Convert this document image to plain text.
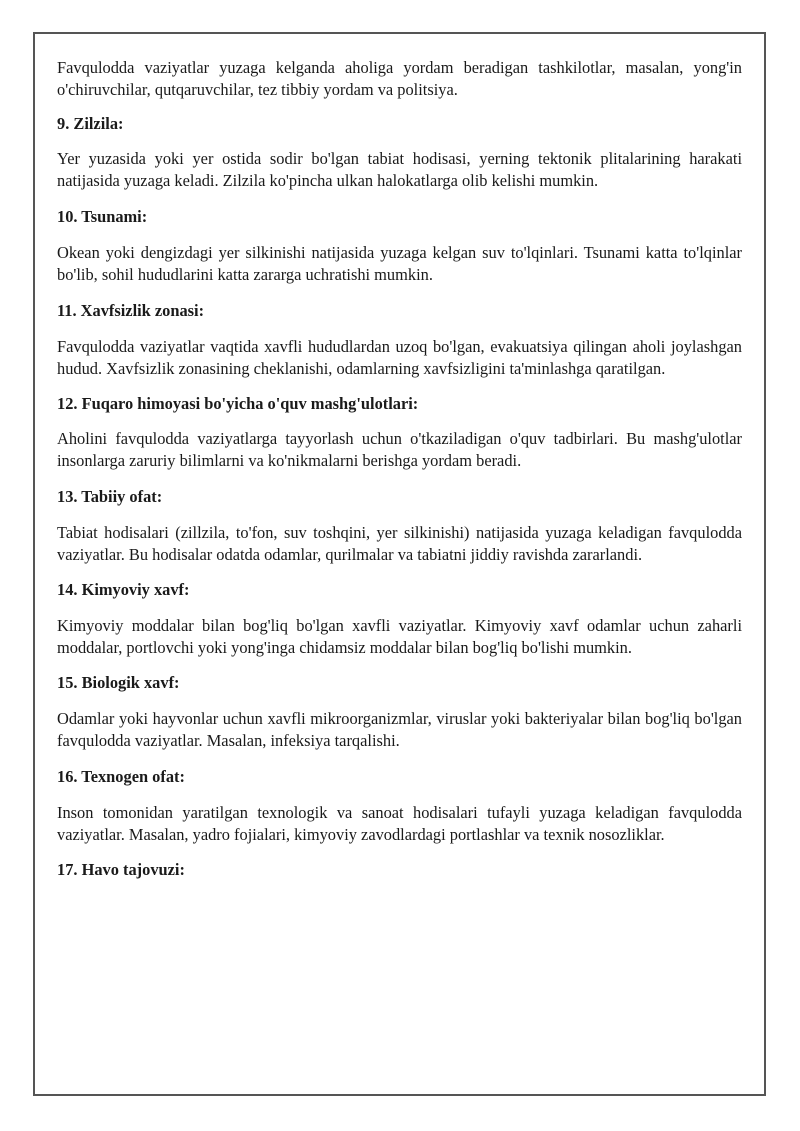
Favqulodda vaziyatlar yuzaga kelganda aholiga yordam beradigan tashkilotlar, masalan, yong'in o'chiruvchilar, qutqaruvchilar, tez tibbiy yordam va politsiya.

9. Zilzila:

Yer yuzasida yoki yer ostida sodir bo'lgan tabiat hodisasi, yerning tektonik plitalarining harakati natijasida yuzaga keladi. Zilzila ko'pincha ulkan halokatlarga olib kelishi mumkin.

10. Tsunami:

Okean yoki dengizdagi yer silkinishi natijasida yuzaga kelgan suv to'lqinlari. Tsunami katta to'lqinlar bo'lib, sohil hududlarini katta zararga uchratishi mumkin.

11. Xavfsizlik zonasi:

Favqulodda vaziyatlar vaqtida xavfli hududlardan uzoq bo'lgan, evakuatsiya qilingan aholi joylashgan hudud. Xavfsizlik zonasining cheklanishi, odamlarning xavfsizligini ta'minlashga qaratilgan.

12. Fuqaro himoyasi bo'yicha o'quv mashg'ulotlari:

Aholini favqulodda vaziyatlarga tayyorlash uchun o'tkaziladigan o'quv tadbirlari. Bu mashg'ulotlar insonlarga zaruriy bilimlarni va ko'nikmalarni berishga yordam beradi.

13. Tabiiy ofat:

Tabiat hodisalari (zillzila, to'fon, suv toshqini, yer silkinishi) natijasida yuzaga keladigan favqulodda vaziyatlar. Bu hodisalar odatda odamlar, qurilmalar va tabiatni jiddiy ravishda zararlandi.

14. Kimyoviy xavf:

Kimyoviy moddalar bilan bog'liq bo'lgan xavfli vaziyatlar. Kimyoviy xavf odamlar uchun zaharli moddalar, portlovchi yoki yong'inga chidamsiz moddalar bilan bog'liq bo'lishi mumkin.

15. Biologik xavf:

Odamlar yoki hayvonlar uchun xavfli mikroorganizmlar, viruslar yoki bakteriyalar bilan bog'liq bo'lgan favqulodda vaziyatlar. Masalan, infeksiya tarqalishi.

16. Texnogen ofat:

Inson tomonidan yaratilgan texnologik va sanoat hodisalari tufayli yuzaga keladigan favqulodda vaziyatlar. Masalan, yadro fojialari, kimyoviy zavodlardagi portlashlar va texnik nosozliklar.

17. Havo tajovuzi:
